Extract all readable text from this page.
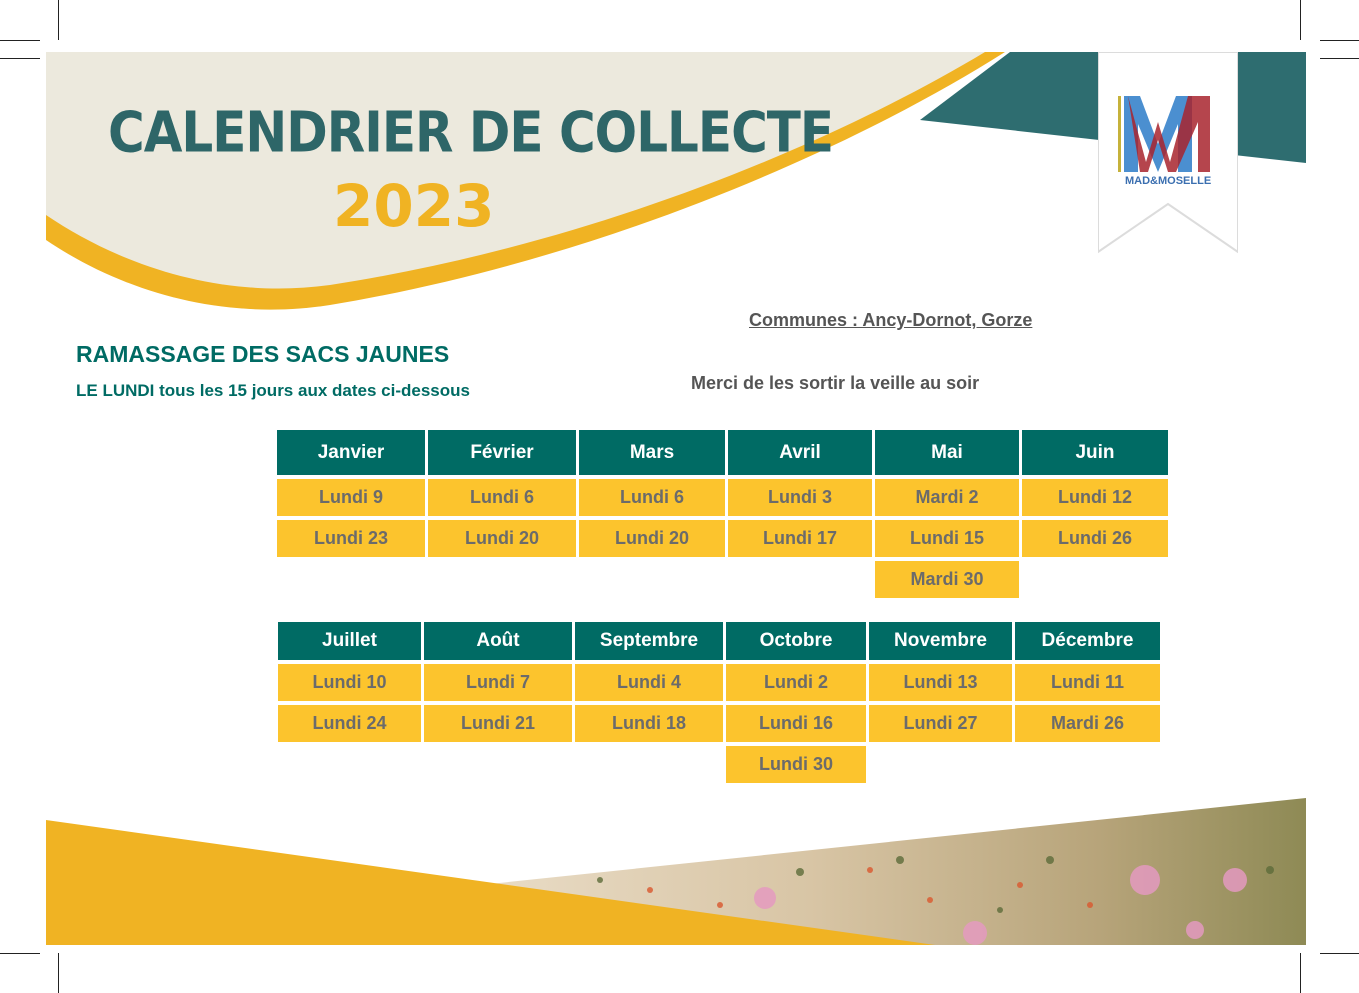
MAD&MOSELLE
CALENDRIER DE COLLECTE
2023
Communes : Ancy-Dornot, Gorze
RAMASSAGE DES SACS JAUNES
LE LUNDI tous les 15 jours aux dates ci-dessous	Merci de les sortir la veille au soir
Janvier
Lundi 9
Lundi 23
Février
Lundi 6
Lundi 20
Mars
Lundi 6
Lundi 20
Avril
Lundi 3
Lundi 17
Mai
Mardi 2
Lundi 15
Mardi 30
Juin
Lundi 12
Lundi 26
Juillet
Lundi 10
Lundi 24
Août
Lundi 7
Lundi 21
Septembre
Lundi 4
Lundi 18
Octobre
Lundi 2
Lundi 16
Lundi 30
Novembre
Lundi 13
Lundi 27
Décembre
Lundi 11
Mardi 26
